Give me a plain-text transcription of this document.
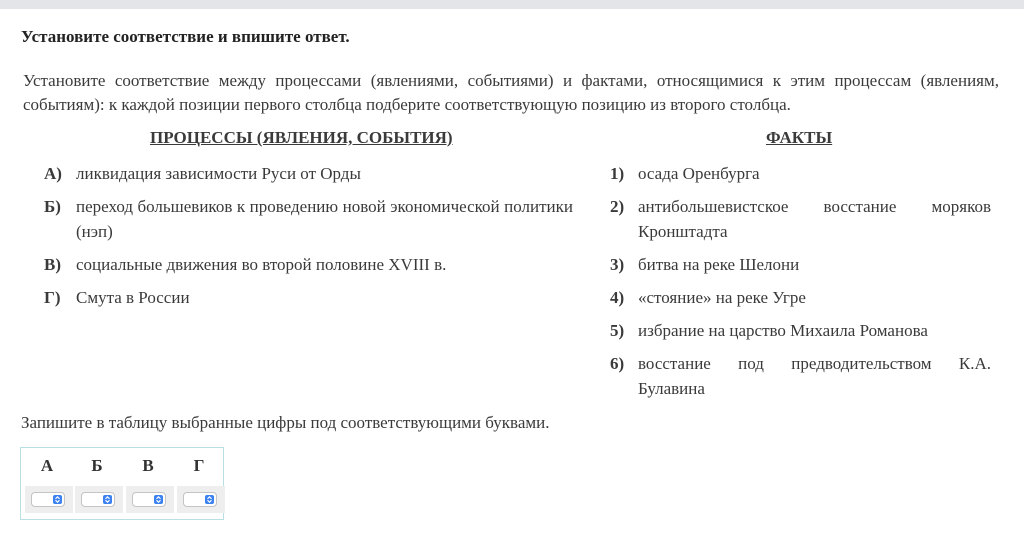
Установите соответствие и впишите ответ.
Установите соответствие между процессами (явлениями, событиями) и фактами, относящимися к этим процессам (явлениям, событиям): к каждой позиции первого столбца подберите соответствующую позицию из второго столбца.
ПРОЦЕССЫ (ЯВЛЕНИЯ, СОБЫТИЯ)	ФАКТЫ
А) ликвидация зависимости Руси от Орды
Б) переход большевиков к проведению новой экономической политики (нэп)
В) социальные движения во второй половине XVIII в.
Г) Смута в России
1) осада Оренбурга
2) антибольшевистское восстание моряков Кронштадта
3) битва на реке Шелони
4) «стояние» на реке Угре
5) избрание на царство Михаила Романова
6) восстание под предводительством К.А. Булавина
Запишите в таблицу выбранные цифры под соответствующими буквами.
А	Б	В	Г
